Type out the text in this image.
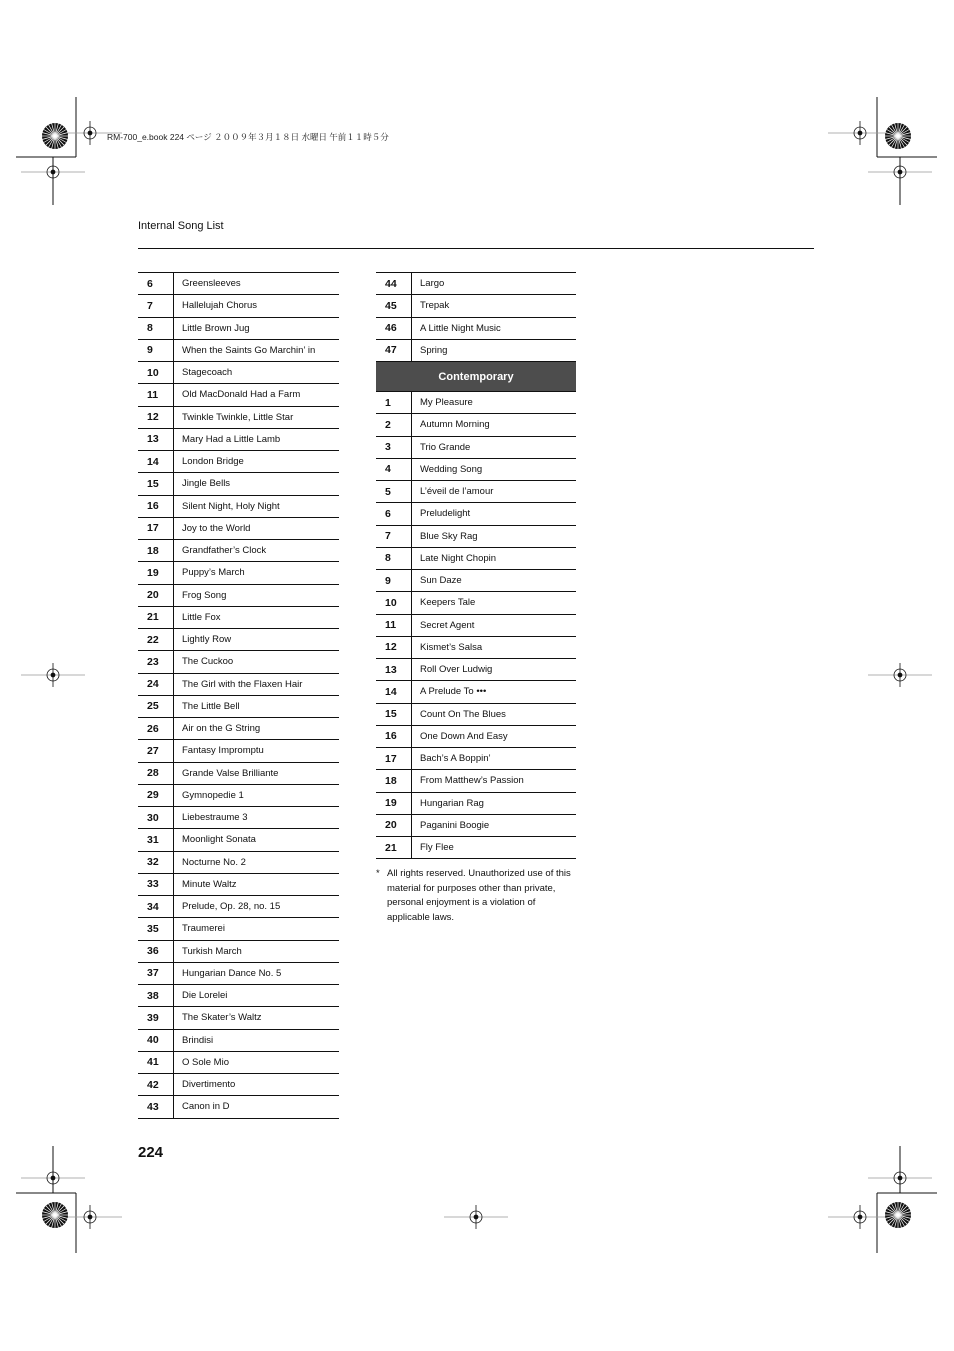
RM-700_e.book 224 ページ ２００９年３月１８日 水曜日 午前１１時５分
Internal Song List
6	Greensleeves
7	Hallelujah Chorus
8	Little Brown Jug
9	When the Saints Go Marchin’ in
10	Stagecoach
11	Old MacDonald Had a Farm
12	Twinkle Twinkle, Little Star
13	Mary Had a Little Lamb
14	London Bridge
15	Jingle Bells
16	Silent Night, Holy Night
17	Joy to the World
18	Grandfather’s Clock
19	Puppy’s March
20	Frog Song
21	Little Fox
22	Lightly Row
23	The Cuckoo
24	The Girl with the Flaxen Hair
25	The Little Bell
26	Air on the G String
27	Fantasy Impromptu
28	Grande Valse Brilliante
29	Gymnopedie 1
30	Liebestraume 3
31	Moonlight Sonata
32	Nocturne No. 2
33	Minute Waltz
34	Prelude, Op. 28, no. 15
35	Traumerei
36	Turkish March
37	Hungarian Dance No. 5
38	Die Lorelei
39	The Skater’s Waltz
40	Brindisi
41	O Sole Mio
42	Divertimento
43	Canon in D
44	Largo
45	Trepak
46	A Little Night Music
47	Spring
Contemporary
1	My Pleasure
2	Autumn Morning
3	Trio Grande
4	Wedding Song
5	L’éveil de l’amour
6	Preludelight
7	Blue Sky Rag
8	Late Night Chopin
9	Sun Daze
10	Keepers Tale
11	Secret Agent
12	Kismet’s Salsa
13	Roll Over Ludwig
14	A Prelude To •••
15	Count On The Blues
16	One Down And Easy
17	Bach’s A Boppin’
18	From Matthew’s Passion
19	Hungarian Rag
20	Paganini Boogie
21	Fly Flee
* All rights reserved. Unauthorized use of this material for purposes other than private, personal enjoyment is a violation of applicable laws.
224
